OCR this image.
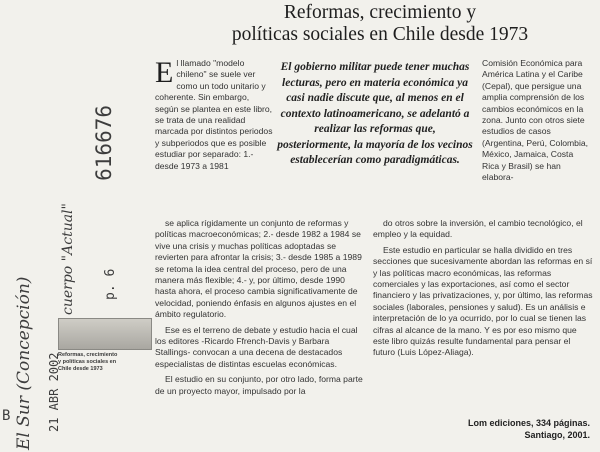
Reformas, crecimiento y
políticas sociales en Chile desde 1973
E l llamado "modelo chileno" se suele ver como un todo unitario y coherente. Sin embargo, según se plantea en este libro, se trata de una realidad marcada por distintos periodos y subperiodos que es posible estudiar por separado: 1.- desde 1973 a 1981
El gobierno militar puede tener muchas lecturas, pero en materia económica ya casi nadie discute que, al menos en el contexto latinoamericano, se adelantó a realizar las reformas que, posteriormente, la mayoría de los vecinos establecerían como paradigmáticas.
Comisión Económica para América Latina y el Caribe (Cepal), que persigue una amplia comprensión de los cambios económicos en la zona. Junto con otros siete estudios de casos (Argentina, Perú, Colombia, México, Jamaica, Costa Rica y Brasil) se han elabora-

se aplica rígidamente un conjunto de reformas y políticas macroeconómicas; 2.- desde 1982 a 1984 se vive una crisis y muchas políticas adoptadas se revierten para afrontar la crisis; 3.- desde 1985 a 1989 se retoma la idea central del proceso, pero de una manera más flexible; 4.- y, por último, desde 1990 hasta ahora, el proceso cambia significativamente de velocidad, poniendo énfasis en algunos ajustes en el ámbito regulatorio.

Ese es el terreno de debate y estudio hacia el cual los editores -Ricardo Ffrench-Davis y Barbara Stallings- convocan a una decena de destacados especialistas de distintas escuelas económicas.

El estudio en su conjunto, por otro lado, forma parte de un proyecto mayor, impulsado por la

do otros sobre la inversión, el cambio tecnológico, el empleo y la equidad.

Este estudio en particular se halla dividido en tres secciones que sucesivamente abordan las reformas en sí y las políticas macro económicas, las reformas comerciales y las exportaciones, así como el sector financiero y las privatizaciones, y, por último, las reformas sociales (laborales, pensiones y salud). Es un análisis e interpretación de lo ya ocurrido, por lo cual se tienen las cifras al alcance de la mano. Y es por eso mismo que este libro quizás resulte fundamental para pensar el futuro (Luis López-Aliaga).

Lom ediciones, 334 páginas.
Santiago, 2001.
Reformas, crecimiento
y políticas sociales en
Chile desde 1973
616676
El Sur (Concepción) 21 ABR 2002
cuerpo "Actual" p. 6
B
